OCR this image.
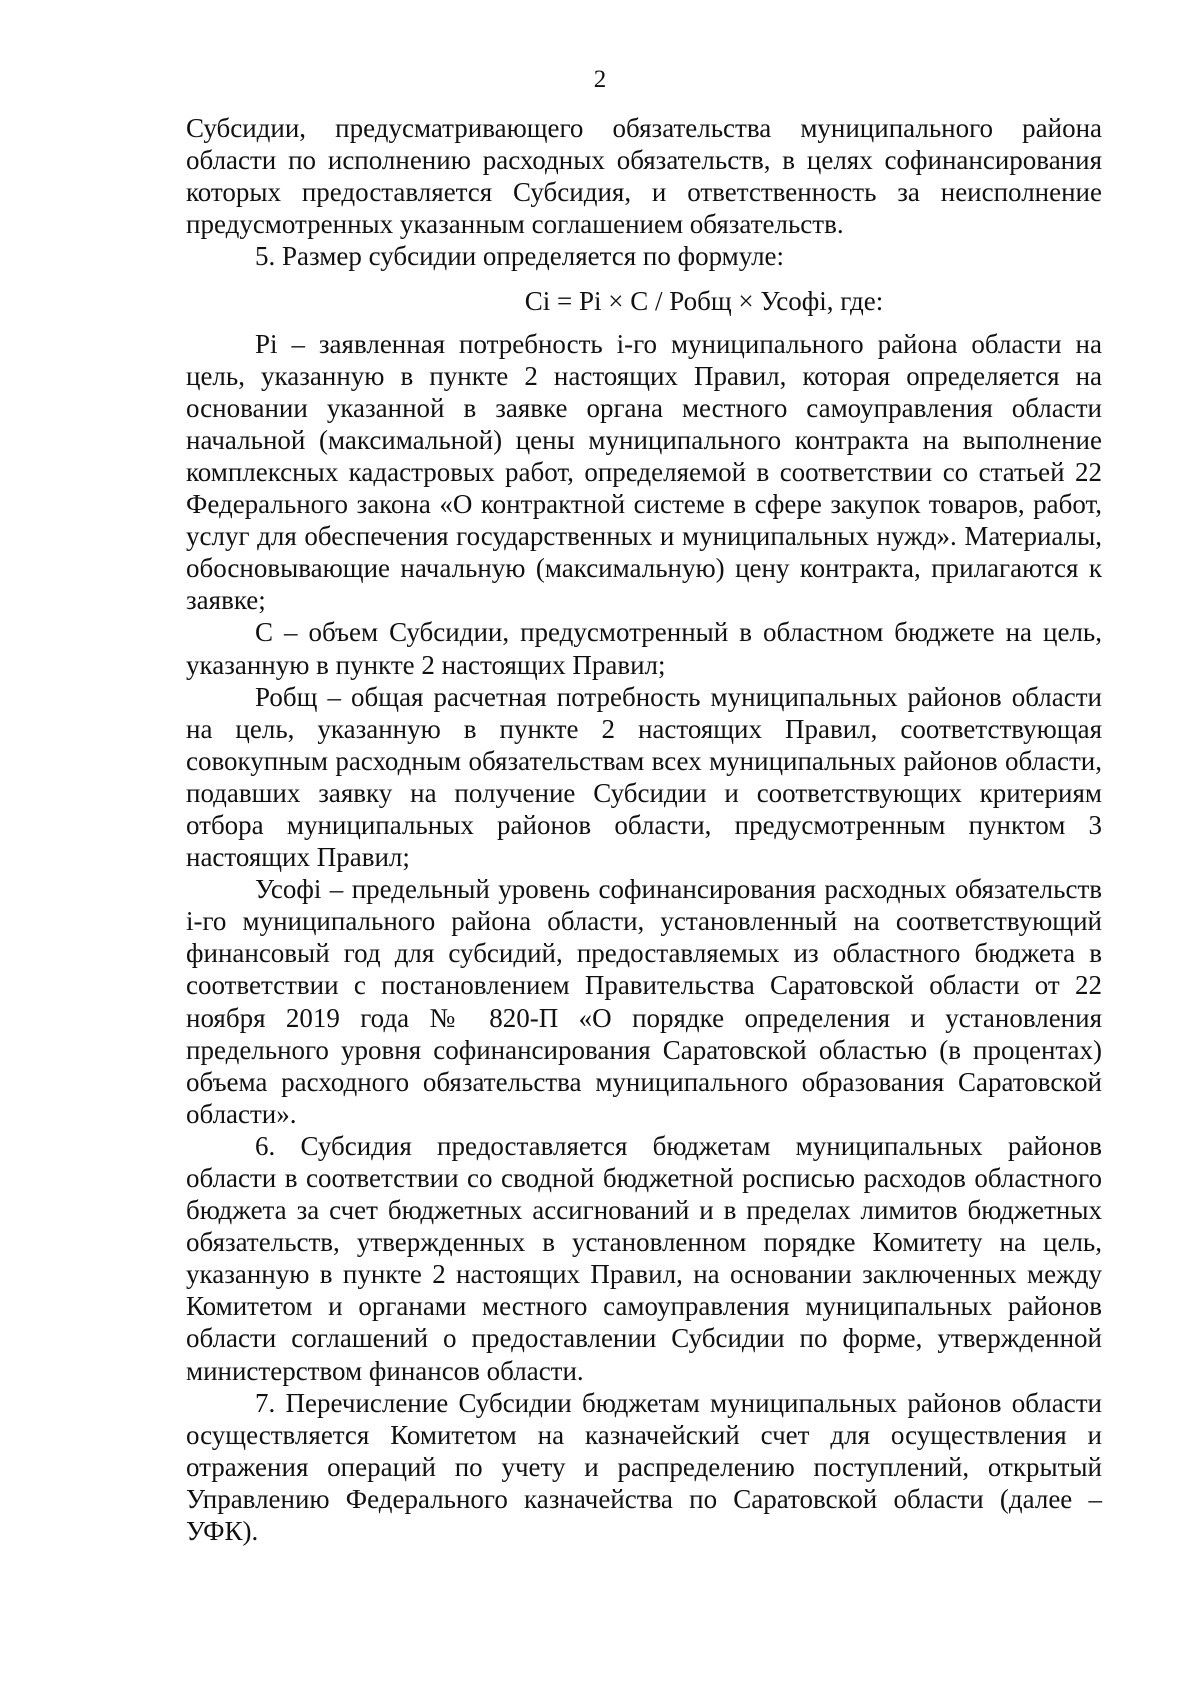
2

Субсидии, предусматривающего обязательства муниципального района области по исполнению расходных обязательств, в целях софинансирования которых предоставляется Субсидия, и ответственность за неисполнение предусмотренных указанным соглашением обязательств.

5. Размер субсидии определяется по формуле:

Ci = Pi × C / Робщ × Усофi, где:

Pi – заявленная потребность i-го муниципального района области на цель, указанную в пункте 2 настоящих Правил, которая определяется на основании указанной в заявке органа местного самоуправления области начальной (максимальной) цены муниципального контракта на выполнение комплексных кадастровых работ, определяемой в соответствии со статьей 22 Федерального закона «О контрактной системе в сфере закупок товаров, работ, услуг для обеспечения государственных и муниципальных нужд». Материалы, обосновывающие начальную (максимальную) цену контракта, прилагаются к заявке;

C – объем Субсидии, предусмотренный в областном бюджете на цель, указанную в пункте 2 настоящих Правил;

Робщ – общая расчетная потребность муниципальных районов области на цель, указанную в пункте 2 настоящих Правил, соответствующая совокупным расходным обязательствам всех муниципальных районов области, подавших заявку на получение Субсидии и соответствующих критериям отбора муниципальных районов области, предусмотренным пунктом 3 настоящих Правил;

Усофi – предельный уровень софинансирования расходных обязательств i-го муниципального района области, установленный на соответствующий финансовый год для субсидий, предоставляемых из областного бюджета в соответствии с постановлением Правительства Саратовской области от 22 ноября 2019 года № 820-П «О порядке определения и установления предельного уровня софинансирования Саратовской областью (в процентах) объема расходного обязательства муниципального образования Саратовской области».

6. Субсидия предоставляется бюджетам муниципальных районов области в соответствии со сводной бюджетной росписью расходов областного бюджета за счет бюджетных ассигнований и в пределах лимитов бюджетных обязательств, утвержденных в установленном порядке Комитету на цель, указанную в пункте 2 настоящих Правил, на основании заключенных между Комитетом и органами местного самоуправления муниципальных районов области соглашений о предоставлении Субсидии по форме, утвержденной министерством финансов области.

7. Перечисление Субсидии бюджетам муниципальных районов области осуществляется Комитетом на казначейский счет для осуществления и отражения операций по учету и распределению поступлений, открытый Управлению Федерального казначейства по Саратовской области (далее – УФК).
